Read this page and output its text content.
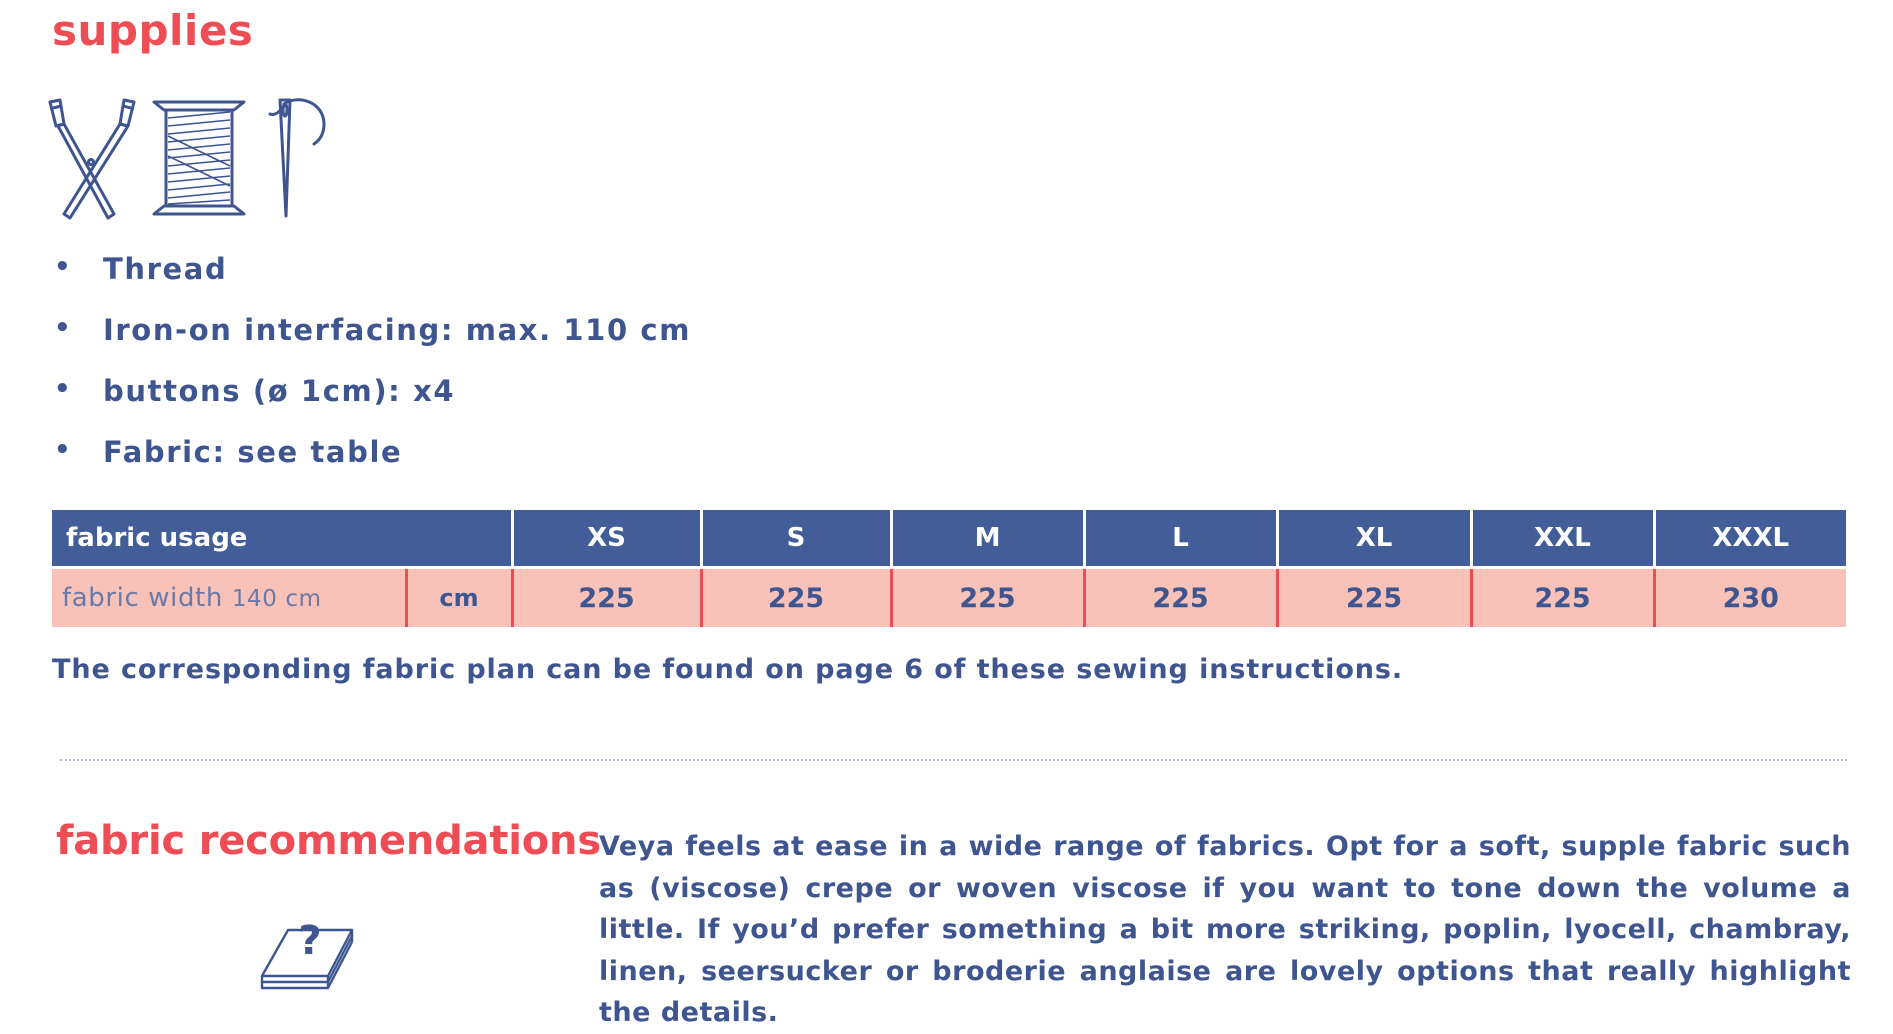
supplies
•	Thread
•	Iron-on interfacing: max. 110 cm
•	buttons (ø 1cm): x4
•	Fabric: see table
fabric usage		XS	S	M	L	XL	XXL	XXXL

fabric width 140 cm	cm	225	225	225	225	225	225	230
The corresponding fabric plan can be found on page 6 of these sewing instructions.
fabric recommendations
?
Veya feels at ease in a wide range of fabrics. Opt for a soft, supple fabric such as (viscose) crepe or woven viscose if you want to tone down the volume a little. If you’d prefer something a bit more striking, poplin, lyocell, chambray, linen, seersucker or broderie anglaise are lovely options that really highlight the details.
